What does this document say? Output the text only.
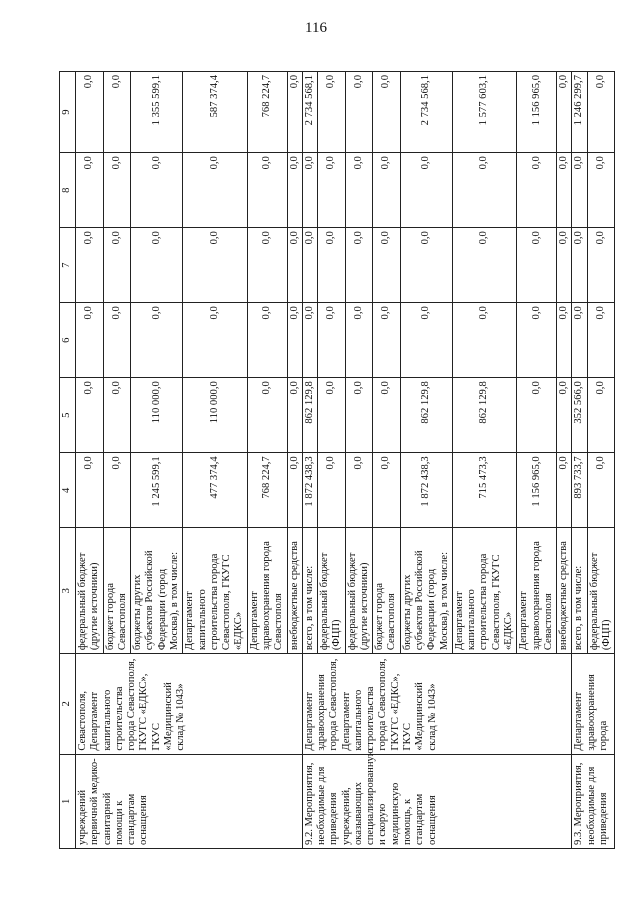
116
1	2	3	4	5	6	7	8	9
учреждений первичной медико-санитарной помощи к стандартам оснащения	Севастополя, Департамент капитального строительства города Севастополя, ГКУГС «ЕДКС», ГКУС «Медицинский склад № 1043»	федеральный бюджет (другие источники)	0,0	0,0	0,0	0,0	0,0	0,0
		бюджет города Севастополя	0,0	0,0	0,0	0,0	0,0	0,0
		бюджеты других субъектов Российской Федерации (город Москва), в том числе:	1 245 599,1	110 000,0	0,0	0,0	0,0	1 355 599,1
		Департамент капитального строительства города Севастополя, ГКУГС «ЕДКС»	477 374,4	110 000,0	0,0	0,0	0,0	587 374,4
		Департамент здравоохранения города Севастополя	768 224,7	0,0	0,0	0,0	0,0	768 224,7
		внебюджетные средства	0,0	0,0	0,0	0,0	0,0	0,0
9.2. Мероприятия, необходимые для приведения учреждений, оказывающих специализированную и скорую медицинскую помощь, к стандартам оснащения	Департамент здравоохранения города Севастополя, Департамент капитального строительства города Севастополя, ГКУГС «ЕДКС», ГКУС «Медицинский склад № 1043»	всего, в том числе:	1 872 438,3	862 129,8	0,0	0,0	0,0	2 734 568,1
		федеральный бюджет (ФЦП)	0,0	0,0	0,0	0,0	0,0	0,0
		федеральный бюджет (другие источники)	0,0	0,0	0,0	0,0	0,0	0,0
		бюджет города Севастополя	0,0	0,0	0,0	0,0	0,0	0,0
		бюджеты других субъектов Российской Федерации (город Москва), в том числе:	1 872 438,3	862 129,8	0,0	0,0	0,0	2 734 568,1
		Департамент капитального строительства города Севастополя, ГКУГС «ЕДКС»	715 473,3	862 129,8	0,0	0,0	0,0	1 577 603,1
		Департамент здравоохранения города Севастополя	1 156 965,0	0,0	0,0	0,0	0,0	1 156 965,0
		внебюджетные средства	0,0	0,0	0,0	0,0	0,0	0,0
9.3. Мероприятия, необходимые для приведения	Департамент здравоохранения города	всего, в том числе:	893 733,7	352 566,0	0,0	0,0	0,0	1 246 299,7
		федеральный бюджет (ФЦП)	0,0	0,0	0,0	0,0	0,0	0,0
